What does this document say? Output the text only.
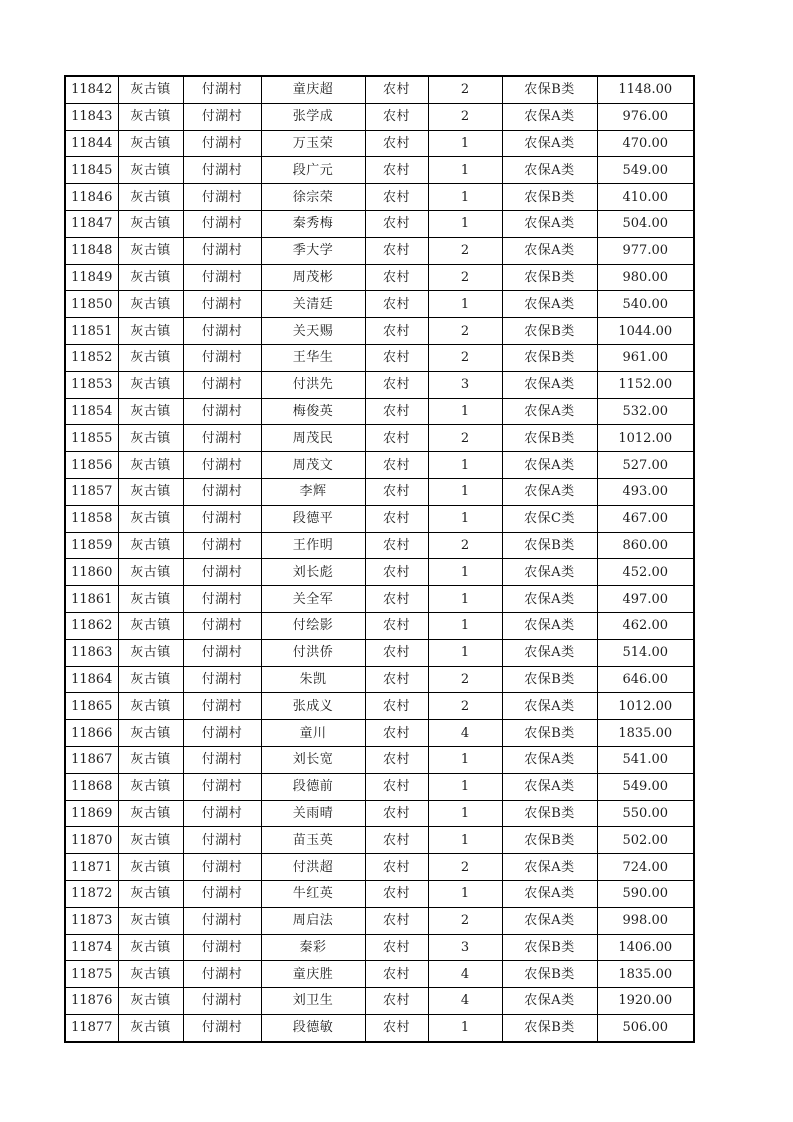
11842	灰古镇	付湖村	童庆超	农村	2	农保B类	1148.00
11843	灰古镇	付湖村	张学成	农村	2	农保A类	976.00
11844	灰古镇	付湖村	万玉荣	农村	1	农保A类	470.00
11845	灰古镇	付湖村	段广元	农村	1	农保A类	549.00
11846	灰古镇	付湖村	徐宗荣	农村	1	农保B类	410.00
11847	灰古镇	付湖村	秦秀梅	农村	1	农保A类	504.00
11848	灰古镇	付湖村	季大学	农村	2	农保A类	977.00
11849	灰古镇	付湖村	周茂彬	农村	2	农保B类	980.00
11850	灰古镇	付湖村	关清廷	农村	1	农保A类	540.00
11851	灰古镇	付湖村	关天赐	农村	2	农保B类	1044.00
11852	灰古镇	付湖村	王华生	农村	2	农保B类	961.00
11853	灰古镇	付湖村	付洪先	农村	3	农保A类	1152.00
11854	灰古镇	付湖村	梅俊英	农村	1	农保A类	532.00
11855	灰古镇	付湖村	周茂民	农村	2	农保B类	1012.00
11856	灰古镇	付湖村	周茂文	农村	1	农保A类	527.00
11857	灰古镇	付湖村	李辉	农村	1	农保A类	493.00
11858	灰古镇	付湖村	段德平	农村	1	农保C类	467.00
11859	灰古镇	付湖村	王作明	农村	2	农保B类	860.00
11860	灰古镇	付湖村	刘长彪	农村	1	农保A类	452.00
11861	灰古镇	付湖村	关全军	农村	1	农保A类	497.00
11862	灰古镇	付湖村	付绘影	农村	1	农保A类	462.00
11863	灰古镇	付湖村	付洪侨	农村	1	农保A类	514.00
11864	灰古镇	付湖村	朱凯	农村	2	农保B类	646.00
11865	灰古镇	付湖村	张成义	农村	2	农保A类	1012.00
11866	灰古镇	付湖村	童川	农村	4	农保B类	1835.00
11867	灰古镇	付湖村	刘长宽	农村	1	农保A类	541.00
11868	灰古镇	付湖村	段德前	农村	1	农保A类	549.00
11869	灰古镇	付湖村	关雨晴	农村	1	农保B类	550.00
11870	灰古镇	付湖村	苗玉英	农村	1	农保B类	502.00
11871	灰古镇	付湖村	付洪超	农村	2	农保A类	724.00
11872	灰古镇	付湖村	牛红英	农村	1	农保A类	590.00
11873	灰古镇	付湖村	周启法	农村	2	农保A类	998.00
11874	灰古镇	付湖村	秦彩	农村	3	农保B类	1406.00
11875	灰古镇	付湖村	童庆胜	农村	4	农保B类	1835.00
11876	灰古镇	付湖村	刘卫生	农村	4	农保A类	1920.00
11877	灰古镇	付湖村	段德敏	农村	1	农保B类	506.00
